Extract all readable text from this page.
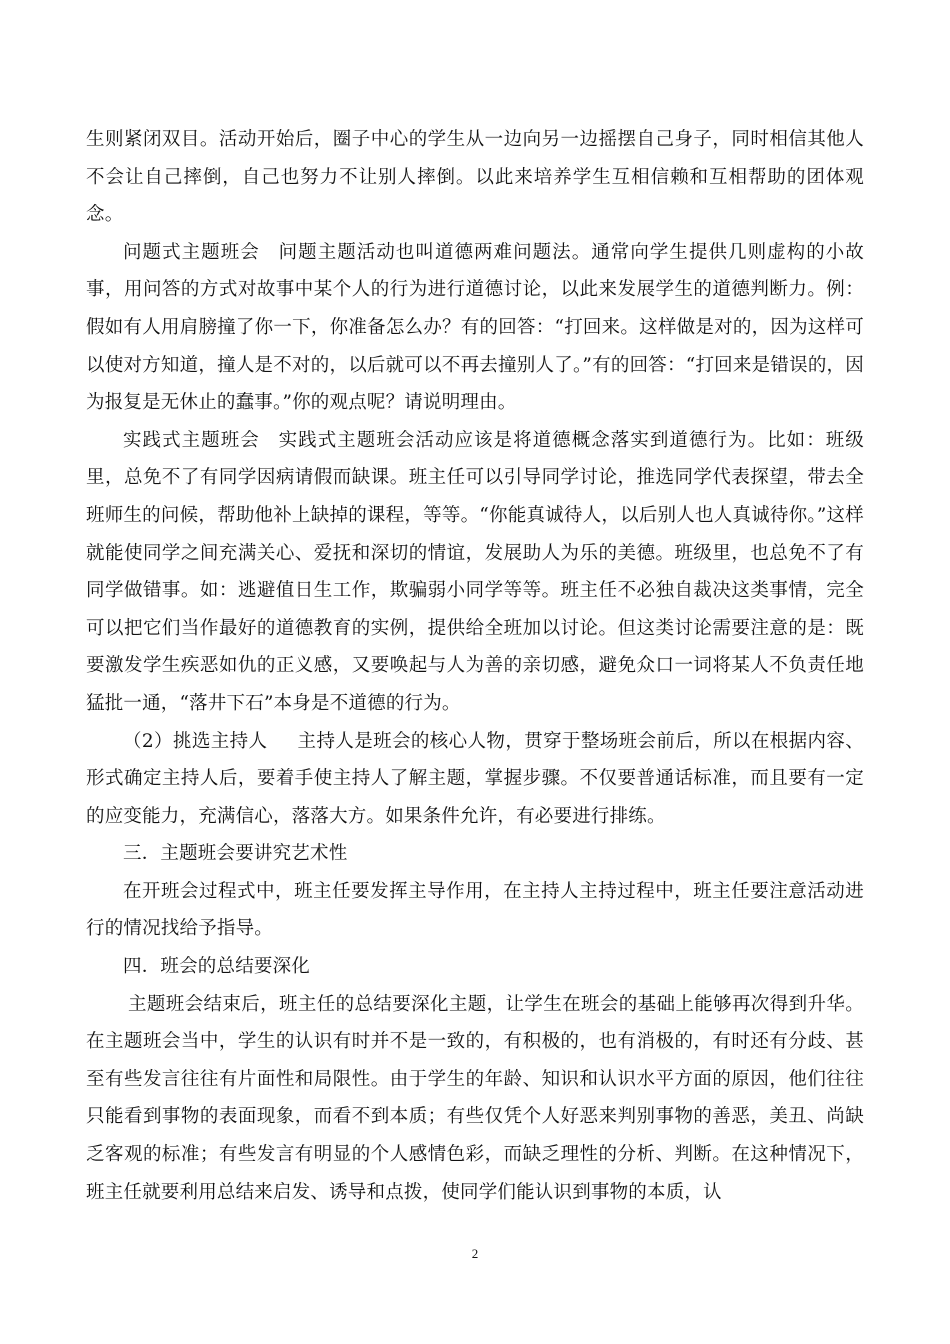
生则紧闭双目。活动开始后，圈子中心的学生从一边向另一边摇摆自己身子，同时相信其他人不会让自己摔倒，自己也努力不让别人摔倒。以此来培养学生互相信赖和互相帮助的团体观念。

问题式主题班会 问题主题活动也叫道德两难问题法。通常向学生提供几则虚构的小故事，用问答的方式对故事中某个人的行为进行道德讨论，以此来发展学生的道德判断力。例：假如有人用肩膀撞了你一下，你准备怎么办？有的回答：“打回来。这样做是对的，因为这样可以使对方知道，撞人是不对的，以后就可以不再去撞别人了。”有的回答：“打回来是错误的，因为报复是无休止的蠢事。”你的观点呢？请说明理由。

实践式主题班会 实践式主题班会活动应该是将道德概念落实到道德行为。比如：班级里，总免不了有同学因病请假而缺课。班主任可以引导同学讨论，推选同学代表探望，带去全班师生的问候，帮助他补上缺掉的课程，等等。“你能真诚待人，以后别人也人真诚待你。”这样就能使同学之间充满关心、爱抚和深切的情谊，发展助人为乐的美德。班级里，也总免不了有同学做错事。如：逃避值日生工作，欺骗弱小同学等等。班主任不必独自裁决这类事情，完全可以把它们当作最好的道德教育的实例，提供给全班加以讨论。但这类讨论需要注意的是：既要激发学生疾恶如仇的正义感，又要唤起与人为善的亲切感，避免众口一词将某人不负责任地猛批一通，“落井下石”本身是不道德的行为。

（2）挑选主持人 主持人是班会的核心人物，贯穿于整场班会前后，所以在根据内容、形式确定主持人后，要着手使主持人了解主题，掌握步骤。不仅要普通话标准，而且要有一定的应变能力，充满信心，落落大方。如果条件允许，有必要进行排练。

三．主题班会要讲究艺术性

在开班会过程式中，班主任要发挥主导作用，在主持人主持过程中，班主任要注意活动进行的情况找给予指导。

四．班会的总结要深化

主题班会结束后，班主任的总结要深化主题，让学生在班会的基础上能够再次得到升华。在主题班会当中，学生的认识有时并不是一致的，有积极的，也有消极的，有时还有分歧、甚至有些发言往往有片面性和局限性。由于学生的年龄、知识和认识水平方面的原因，他们往往只能看到事物的表面现象，而看不到本质；有些仅凭个人好恶来判别事物的善恶，美丑、尚缺乏客观的标准；有些发言有明显的个人感情色彩，而缺乏理性的分析、判断。在这种情况下，班主任就要利用总结来启发、诱导和点拨，使同学们能认识到事物的本质，认

2
